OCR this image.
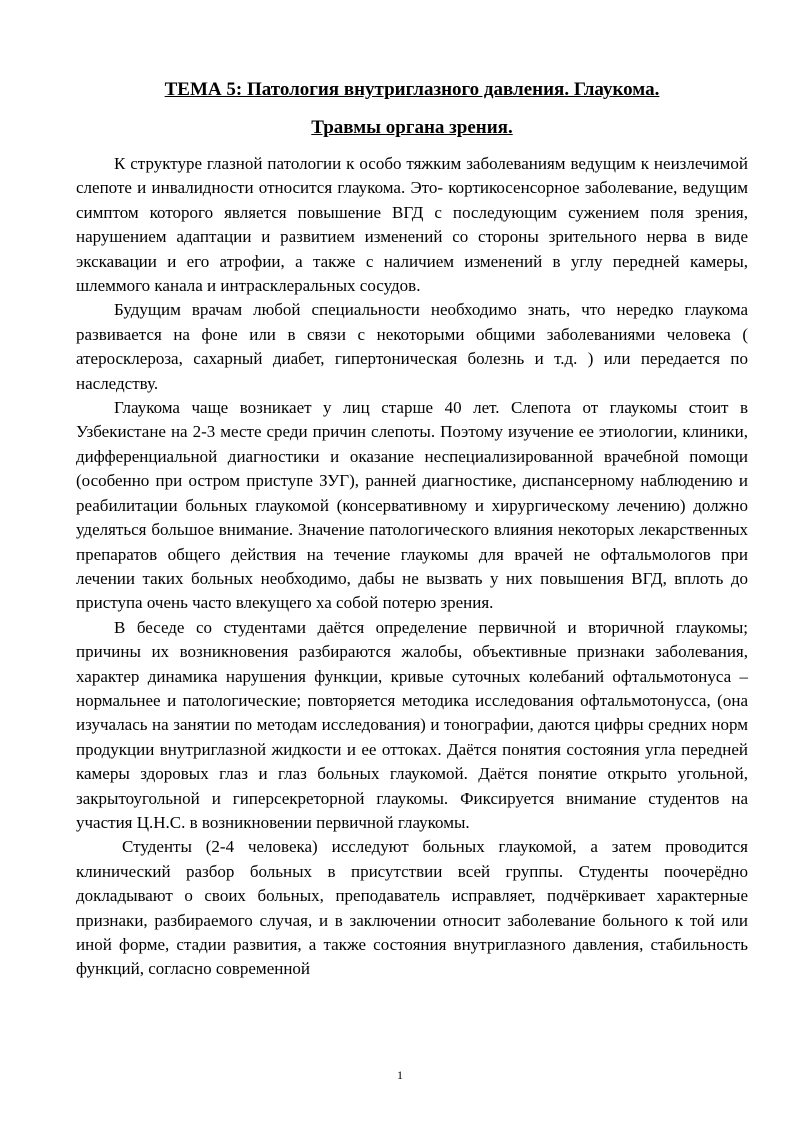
ТЕМА 5: Патология внутриглазного давления. Глаукома.
Травмы органа зрения.

К структуре глазной патологии к особо тяжким заболеваниям ведущим к неизлечимой слепоте и инвалидности относится глаукома. Это- кортикосенсорное заболевание, ведущим симптом которого является повышение ВГД с последующим сужением поля зрения, нарушением адаптации и развитием изменений со стороны зрительного нерва в виде экскавации и его атрофии, а также с наличием изменений в углу передней камеры, шлеммого канала и интрасклеральных сосудов.

Будущим врачам любой специальности необходимо знать, что нередко глаукома развивается на фоне или в связи с некоторыми общими заболеваниями человека ( атеросклероза, сахарный диабет, гипертоническая болезнь и т.д. ) или передается по наследству.

Глаукома чаще возникает у лиц старше 40 лет. Слепота от глаукомы стоит в Узбекистане на 2-3 месте среди причин слепоты. Поэтому изучение ее этиологии, клиники, дифференциальной диагностики и оказание неспециализированной врачебной помощи (особенно при остром приступе ЗУГ), ранней диагностике, диспансерному наблюдению и реабилитации больных глаукомой (консервативному и хирургическому лечению) должно уделяться большое внимание. Значение патологического влияния некоторых лекарственных препаратов общего действия на течение глаукомы для врачей не офтальмологов при лечении таких больных необходимо, дабы не вызвать у них повышения ВГД, вплоть до приступа очень часто влекущего ха собой потерю зрения.

В беседе со студентами даётся определение первичной и вторичной глаукомы; причины их возникновения разбираются жалобы, объективные признаки заболевания, характер динамика нарушения функции, кривые суточных колебаний офтальмотонуса – нормальнее и патологические; повторяется методика исследования офтальмотонусса, (она изучалась на занятии по методам исследования) и тонографии, даются цифры средних норм продукции внутриглазной жидкости и ее оттоках. Даётся понятия состояния угла передней камеры здоровых глаз и глаз больных глаукомой. Даётся понятие открыто угольной, закрытоугольной и гиперсекреторной глаукомы. Фиксируется внимание студентов на участия Ц.Н.С. в возникновении первичной глаукомы.

Студенты (2-4 человека) исследуют больных глаукомой, а затем проводится клинический разбор больных в присутствии всей группы. Студенты поочерёдно докладывают о своих больных, преподаватель исправляет, подчёркивает характерные признаки, разбираемого случая, и в заключении относит заболевание больного к той или иной форме, стадии развития, а также состояния внутриглазного давления, стабильность функций, согласно современной

1
